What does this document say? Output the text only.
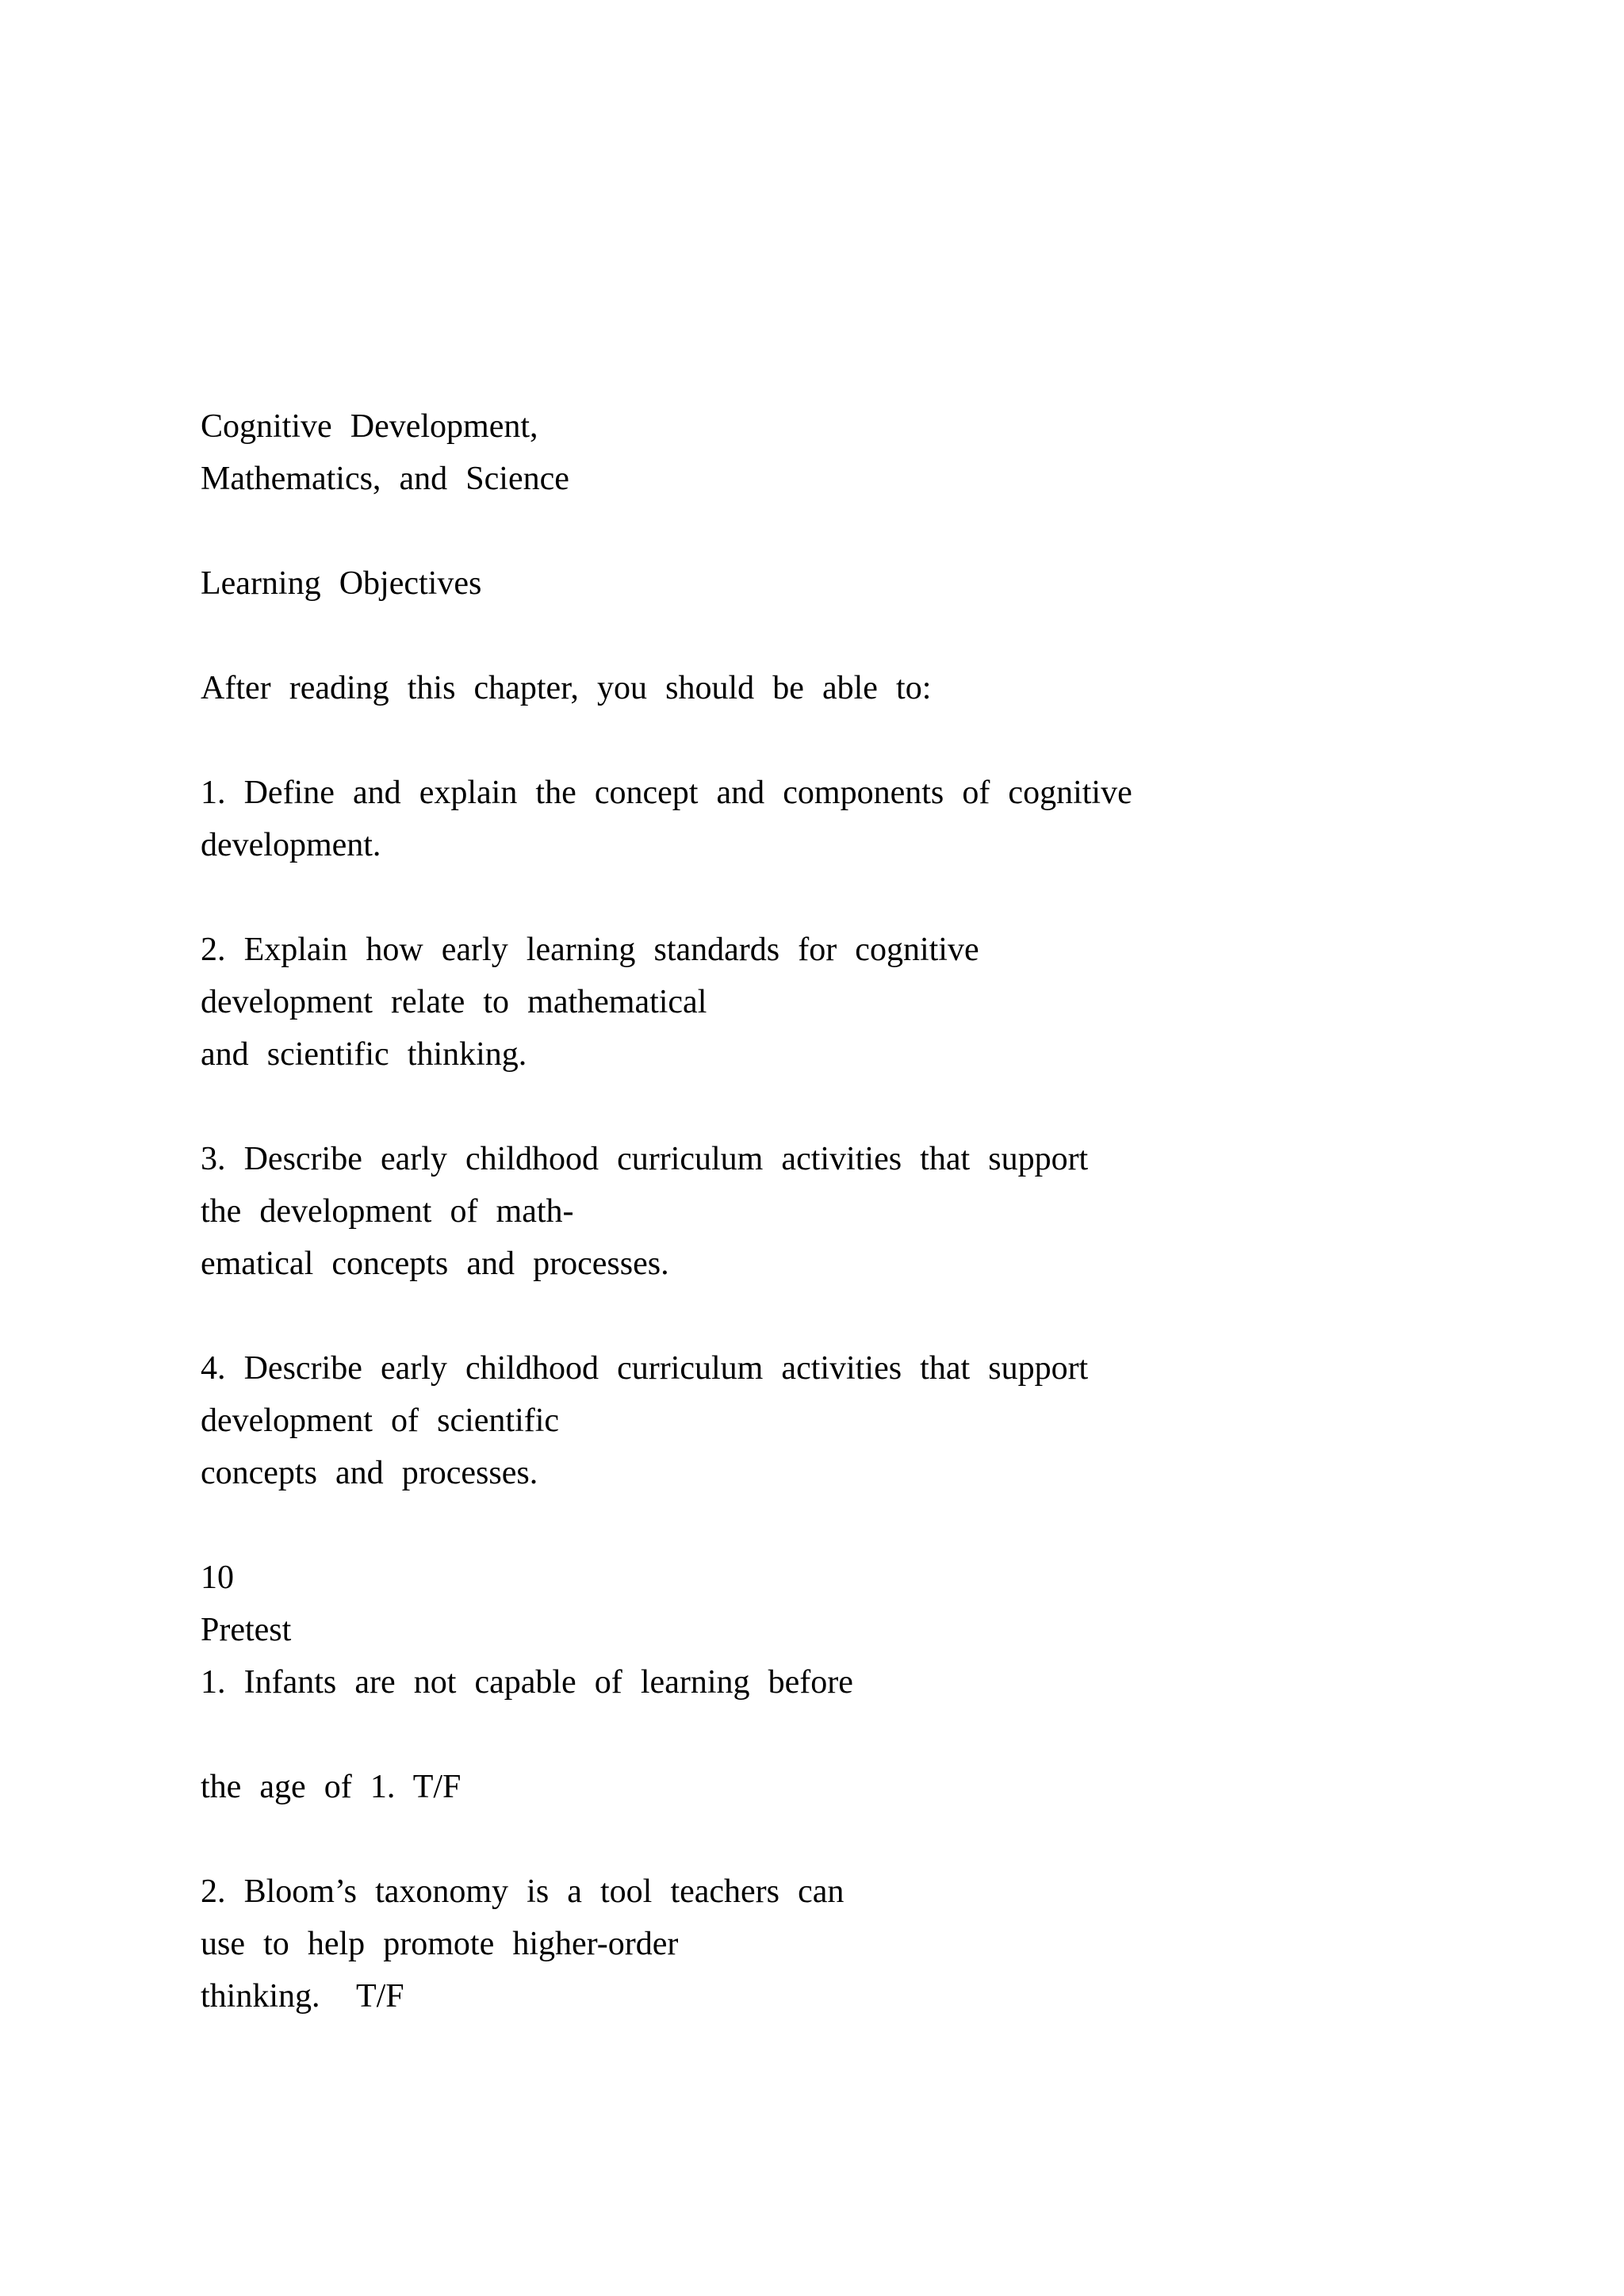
Cognitive Development,
Mathematics, and Science
Learning Objectives
After reading this chapter, you should be able to:
1. Define and explain the concept and components of cognitive
development.
2. Explain how early learning standards for cognitive
development relate to mathematical
and scientific thinking.
3. Describe early childhood curriculum activities that support
the development of math-
ematical concepts and processes.
4. Describe early childhood curriculum activities that support
development of scientific
concepts and processes.
10
Pretest
1. Infants are not capable of learning before
the age of 1. T/F
2. Bloom’s taxonomy is a tool teachers can
use to help promote higher-order
thinking.  T/F
